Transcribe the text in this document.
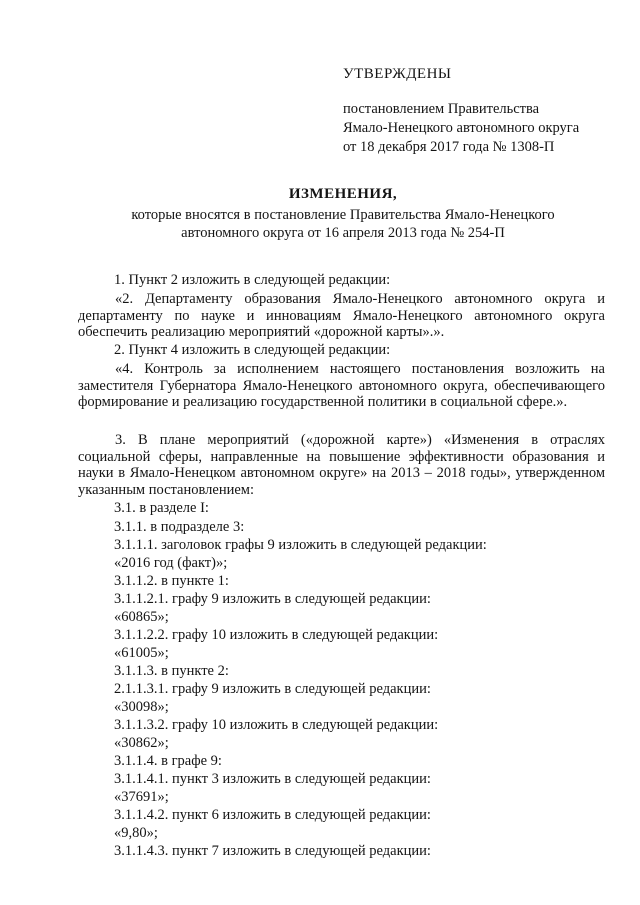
УТВЕРЖДЕНЫ
постановлением Правительства
Ямало-Ненецкого автономного округа
от 18 декабря 2017 года № 1308-П
ИЗМЕНЕНИЯ,
которые вносятся в постановление Правительства Ямало-Ненецкого
автономного округа от 16 апреля 2013 года № 254-П
1. Пункт 2 изложить в следующей редакции:
«2. Департаменту образования Ямало-Ненецкого автономного округа и департаменту по науке и инновациям Ямало-Ненецкого автономного округа обеспечить реализацию мероприятий «дорожной карты».».
2. Пункт 4 изложить в следующей редакции:
«4. Контроль за исполнением настоящего постановления возложить на заместителя Губернатора Ямало-Ненецкого автономного округа, обеспечивающего формирование и реализацию государственной политики в социальной сфере.».
3. В плане мероприятий («дорожной карте») «Изменения в отраслях социальной сферы, направленные на повышение эффективности образования и науки в Ямало-Ненецком автономном округе» на 2013 – 2018 годы», утвержденном указанным постановлением:
3.1. в разделе I:
3.1.1. в подразделе 3:
3.1.1.1. заголовок графы 9 изложить в следующей редакции:
«2016 год (факт)»;
3.1.1.2. в пункте 1:
3.1.1.2.1. графу 9 изложить в следующей редакции:
«60865»;
3.1.1.2.2. графу 10 изложить в следующей редакции:
«61005»;
3.1.1.3. в пункте 2:
2.1.1.3.1. графу 9 изложить в следующей редакции:
«30098»;
3.1.1.3.2. графу 10 изложить в следующей редакции:
«30862»;
3.1.1.4. в графе 9:
3.1.1.4.1. пункт 3 изложить в следующей редакции:
«37691»;
3.1.1.4.2. пункт 6 изложить в следующей редакции:
«9,80»;
3.1.1.4.3. пункт 7 изложить в следующей редакции:
